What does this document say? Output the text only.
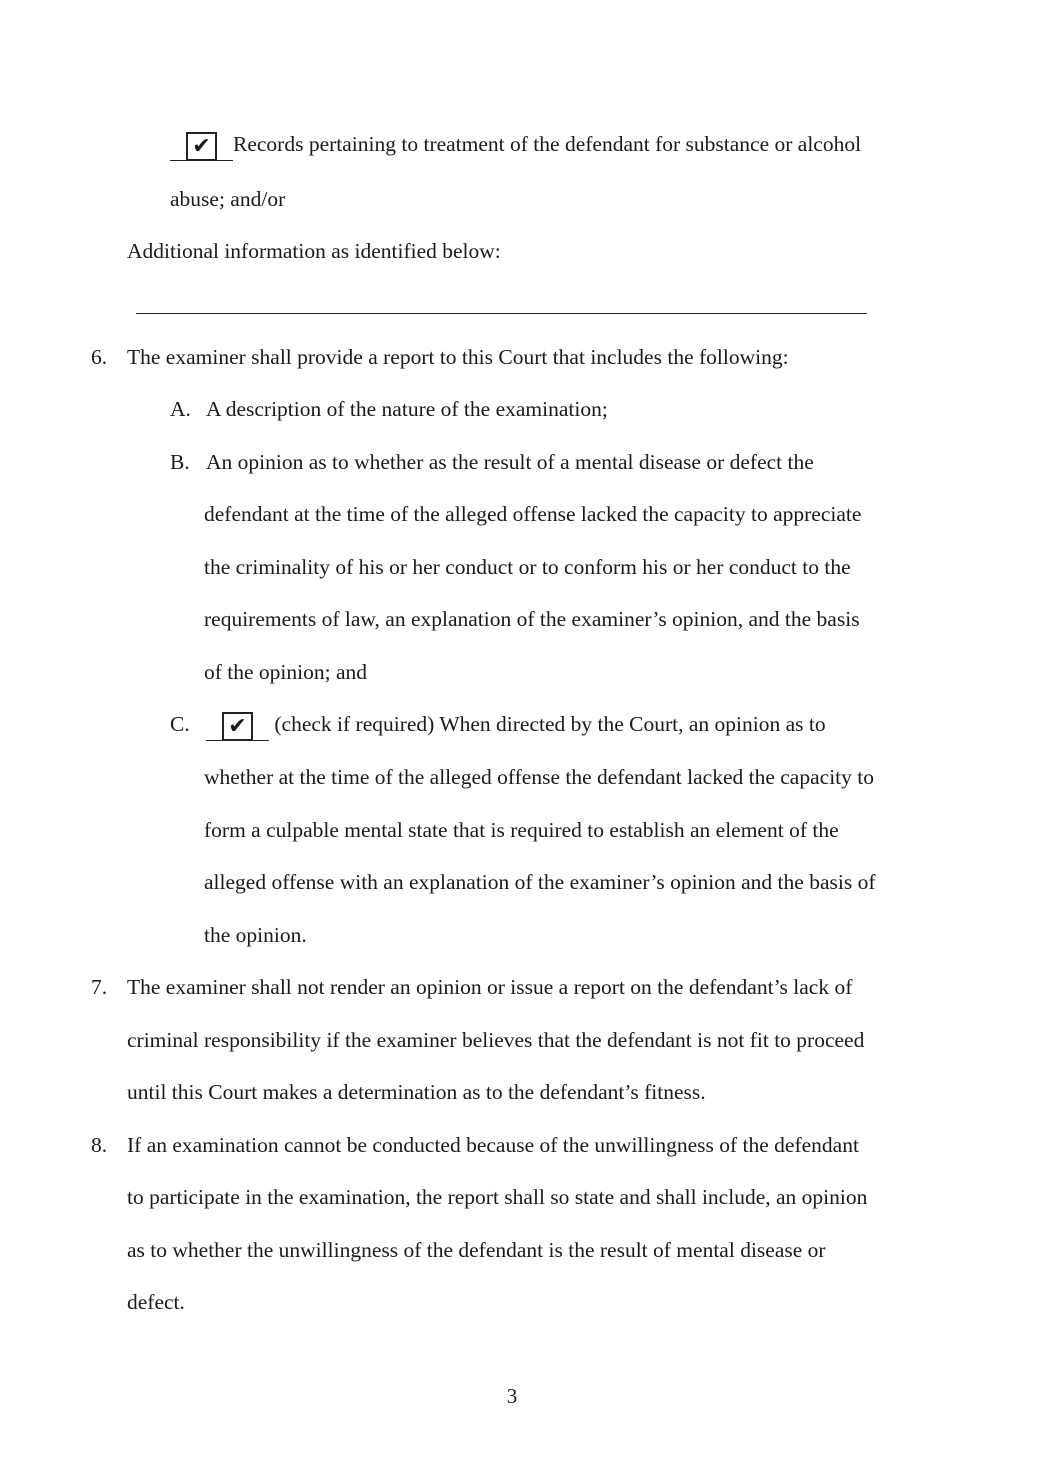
✔ Records pertaining to treatment of the defendant for substance or alcohol
abuse; and/or
Additional information as identified below:
6. The examiner shall provide a report to this Court that includes the following:
A. A description of the nature of the examination;
B. An opinion as to whether as the result of a mental disease or defect the
defendant at the time of the alleged offense lacked the capacity to appreciate
the criminality of his or her conduct or to conform his or her conduct to the
requirements of law, an explanation of the examiner’s opinion, and the basis
of the opinion; and
C. ✔ (check if required) When directed by the Court, an opinion as to
whether at the time of the alleged offense the defendant lacked the capacity to
form a culpable mental state that is required to establish an element of the
alleged offense with an explanation of the examiner’s opinion and the basis of
the opinion.
7. The examiner shall not render an opinion or issue a report on the defendant’s lack of
criminal responsibility if the examiner believes that the defendant is not fit to proceed
until this Court makes a determination as to the defendant’s fitness.
8. If an examination cannot be conducted because of the unwillingness of the defendant
to participate in the examination, the report shall so state and shall include, an opinion
as to whether the unwillingness of the defendant is the result of mental disease or
defect.
3
